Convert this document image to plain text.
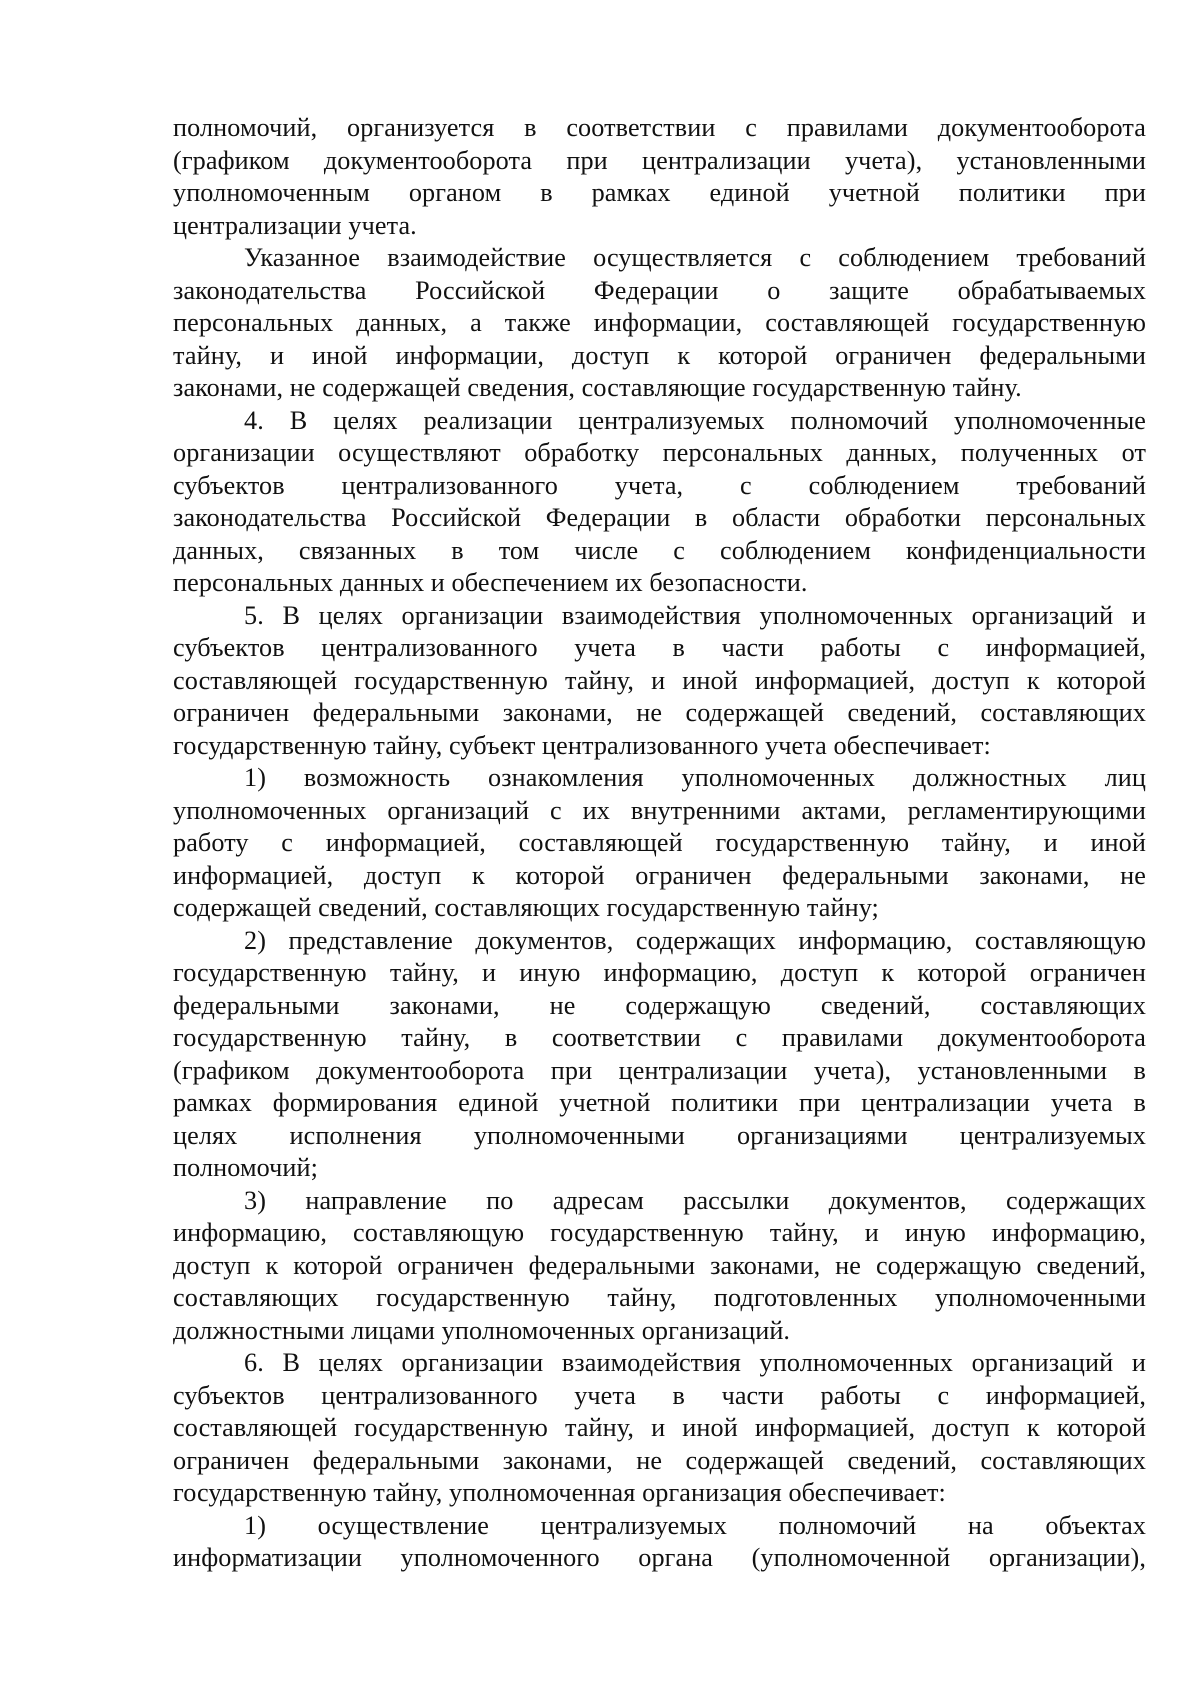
полномочий, организуется в соответствии с правилами документооборота

(графиком документооборота при централизации учета), установленными

уполномоченным органом в рамках единой учетной политики при

централизации учета.

Указанное взаимодействие осуществляется с соблюдением требований

законодательства Российской Федерации о защите обрабатываемых

персональных данных, а также информации, составляющей государственную

тайну, и иной информации, доступ к которой ограничен федеральными

законами, не содержащей сведения, составляющие государственную тайну.

4. В целях реализации централизуемых полномочий уполномоченные

организации осуществляют обработку персональных данных, полученных от

субъектов централизованного учета, с соблюдением требований

законодательства Российской Федерации в области обработки персональных

данных, связанных в том числе с соблюдением конфиденциальности

персональных данных и обеспечением их безопасности.

5. В целях организации взаимодействия уполномоченных организаций и

субъектов централизованного учета в части работы с информацией,

составляющей государственную тайну, и иной информацией, доступ к которой

ограничен федеральными законами, не содержащей сведений, составляющих

государственную тайну, субъект централизованного учета обеспечивает:

1) возможность ознакомления уполномоченных должностных лиц

уполномоченных организаций с их внутренними актами, регламентирующими

работу с информацией, составляющей государственную тайну, и иной

информацией, доступ к которой ограничен федеральными законами, не

содержащей сведений, составляющих государственную тайну;

2) представление документов, содержащих информацию, составляющую

государственную тайну, и иную информацию, доступ к которой ограничен

федеральными законами, не содержащую сведений, составляющих

государственную тайну, в соответствии с правилами документооборота

(графиком документооборота при централизации учета), установленными в

рамках формирования единой учетной политики при централизации учета в

целях исполнения уполномоченными организациями централизуемых

полномочий;

3) направление по адресам рассылки документов, содержащих

информацию, составляющую государственную тайну, и иную информацию,

доступ к которой ограничен федеральными законами, не содержащую сведений,

составляющих государственную тайну, подготовленных уполномоченными

должностными лицами уполномоченных организаций.

6. В целях организации взаимодействия уполномоченных организаций и

субъектов централизованного учета в части работы с информацией,

составляющей государственную тайну, и иной информацией, доступ к которой

ограничен федеральными законами, не содержащей сведений, составляющих

государственную тайну, уполномоченная организация обеспечивает:

1) осуществление централизуемых полномочий на объектах

информатизации уполномоченного органа (уполномоченной организации),
